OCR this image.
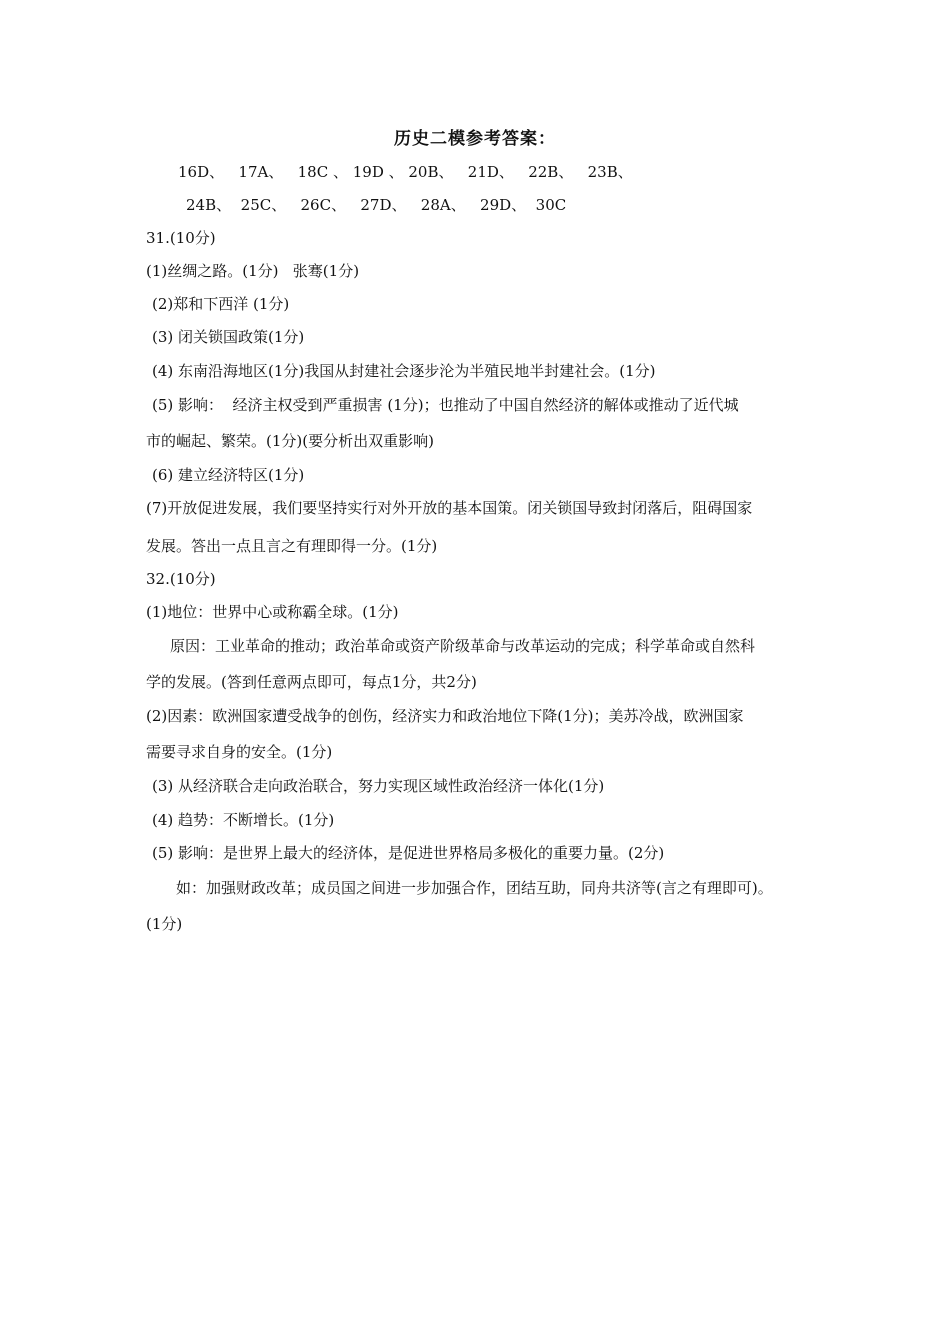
历史二模参考答案：
16D、   17A、   18C 、 19D 、 20B、   21D、   22B、   23B、
24B、  25C、   26C、   27D、   28A、   29D、  30C
31.(10分)
(1)丝绸之路。(1分)   张骞(1分)
(2)郑和下西洋 (1分)
(3) 闭关锁国政策(1分)
(4) 东南沿海地区(1分)我国从封建社会逐步沦为半殖民地半封建社会。(1分)
(5) 影响：  经济主权受到严重损害 (1分)；也推动了中国自然经济的解体或推动了近代城
市的崛起、繁荣。(1分)(要分析出双重影响)
(6) 建立经济特区(1分)
(7)开放促进发展，我们要坚持实行对外开放的基本国策。闭关锁国导致封闭落后，阻碍国家
发展。答出一点且言之有理即得一分。(1分)
32.(10分)
(1)地位：世界中心或称霸全球。(1分)
原因：工业革命的推动；政治革命或资产阶级革命与改革运动的完成；科学革命或自然科
学的发展。(答到任意两点即可，每点1分，共2分)
(2)因素：欧洲国家遭受战争的创伤，经济实力和政治地位下降(1分)；美苏冷战，欧洲国家
需要寻求自身的安全。(1分)
(3) 从经济联合走向政治联合，努力实现区域性政治经济一体化(1分)
(4) 趋势：不断增长。(1分)
(5) 影响：是世界上最大的经济体，是促进世界格局多极化的重要力量。(2分)
如：加强财政改革；成员国之间进一步加强合作，团结互助，同舟共济等(言之有理即可)。
(1分)
